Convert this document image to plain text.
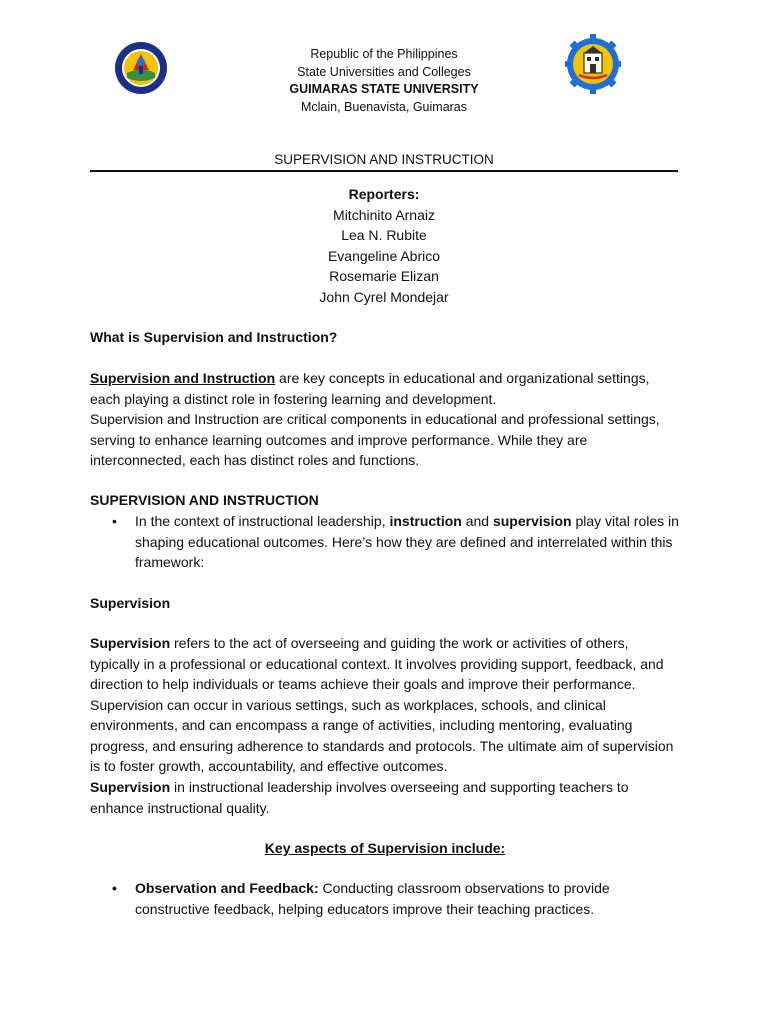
Republic of the Philippines
State Universities and Colleges
GUIMARAS STATE UNIVERSITY
Mclain, Buenavista, Guimaras
SUPERVISION AND INSTRUCTION
Reporters:
Mitchinito Arnaiz
Lea N. Rubite
Evangeline Abrico
Rosemarie Elizan
John Cyrel Mondejar
What is Supervision and Instruction?
Supervision and Instruction are key concepts in educational and organizational settings, each playing a distinct role in fostering learning and development.
Supervision and Instruction are critical components in educational and professional settings, serving to enhance learning outcomes and improve performance. While they are interconnected, each has distinct roles and functions.
SUPERVISION AND INSTRUCTION
• In the context of instructional leadership, instruction and supervision play vital roles in shaping educational outcomes. Here’s how they are defined and interrelated within this framework:
Supervision
Supervision refers to the act of overseeing and guiding the work or activities of others, typically in a professional or educational context. It involves providing support, feedback, and direction to help individuals or teams achieve their goals and improve their performance. Supervision can occur in various settings, such as workplaces, schools, and clinical environments, and can encompass a range of activities, including mentoring, evaluating progress, and ensuring adherence to standards and protocols. The ultimate aim of supervision is to foster growth, accountability, and effective outcomes.
Supervision in instructional leadership involves overseeing and supporting teachers to enhance instructional quality.
Key aspects of Supervision include:
• Observation and Feedback: Conducting classroom observations to provide constructive feedback, helping educators improve their teaching practices.
